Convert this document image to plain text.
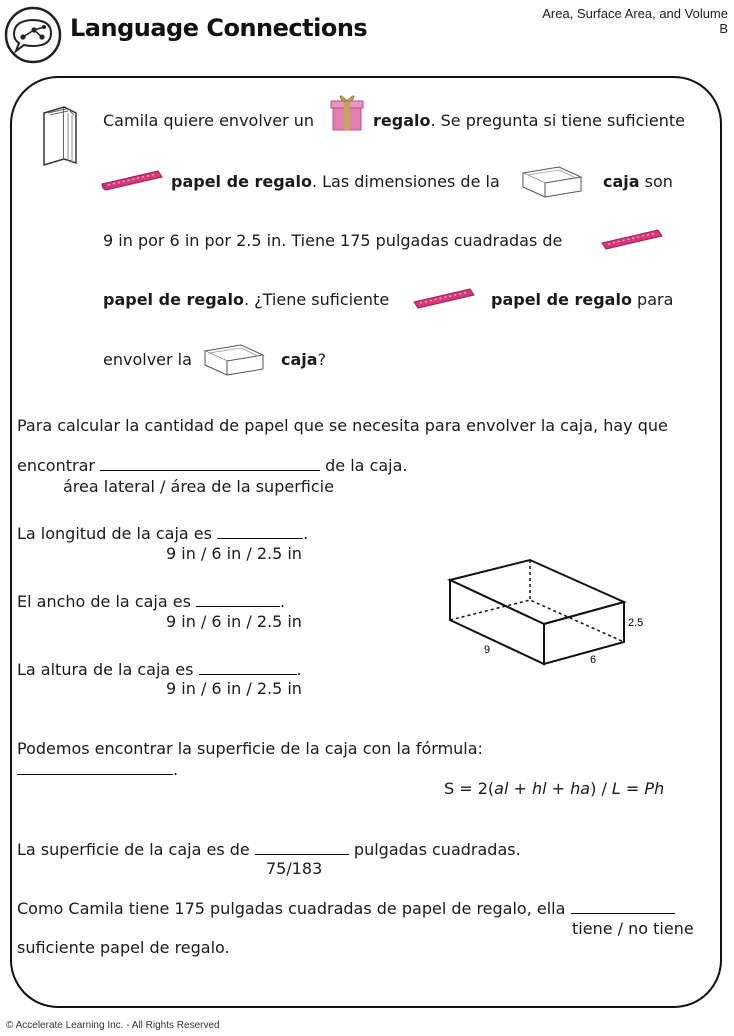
Language Connections
Area, Surface Area, and Volume
B
Camila quiere envolver un	regalo. Se pregunta si tiene suficiente
papel de regalo. Las dimensiones de la	caja son
9 in por 6 in por 2.5 in. Tiene 175 pulgadas cuadradas de
papel de regalo. ¿Tiene suficiente	papel de regalo para
envolver la	caja?
Para calcular la cantidad de papel que se necesita para envolver la caja, hay que
encontrar	de la caja.
área lateral / área de la superficie
La longitud de la caja es	.
9 in / 6 in / 2.5 in
El ancho de la caja es	.
9 in / 6 in / 2.5 in
La altura de la caja es	.
9 in / 6 in / 2.5 in
9
6
2.5
Podemos encontrar la superficie de la caja con la fórmula:
.
S = 2(al + hl + ha) / L = Ph
La superficie de la caja es de	pulgadas cuadradas.
75/183
Como Camila tiene 175 pulgadas cuadradas de papel de regalo, ella
tiene / no tiene
suficiente papel de regalo.
© Accelerate Learning Inc. - All Rights Reserved
